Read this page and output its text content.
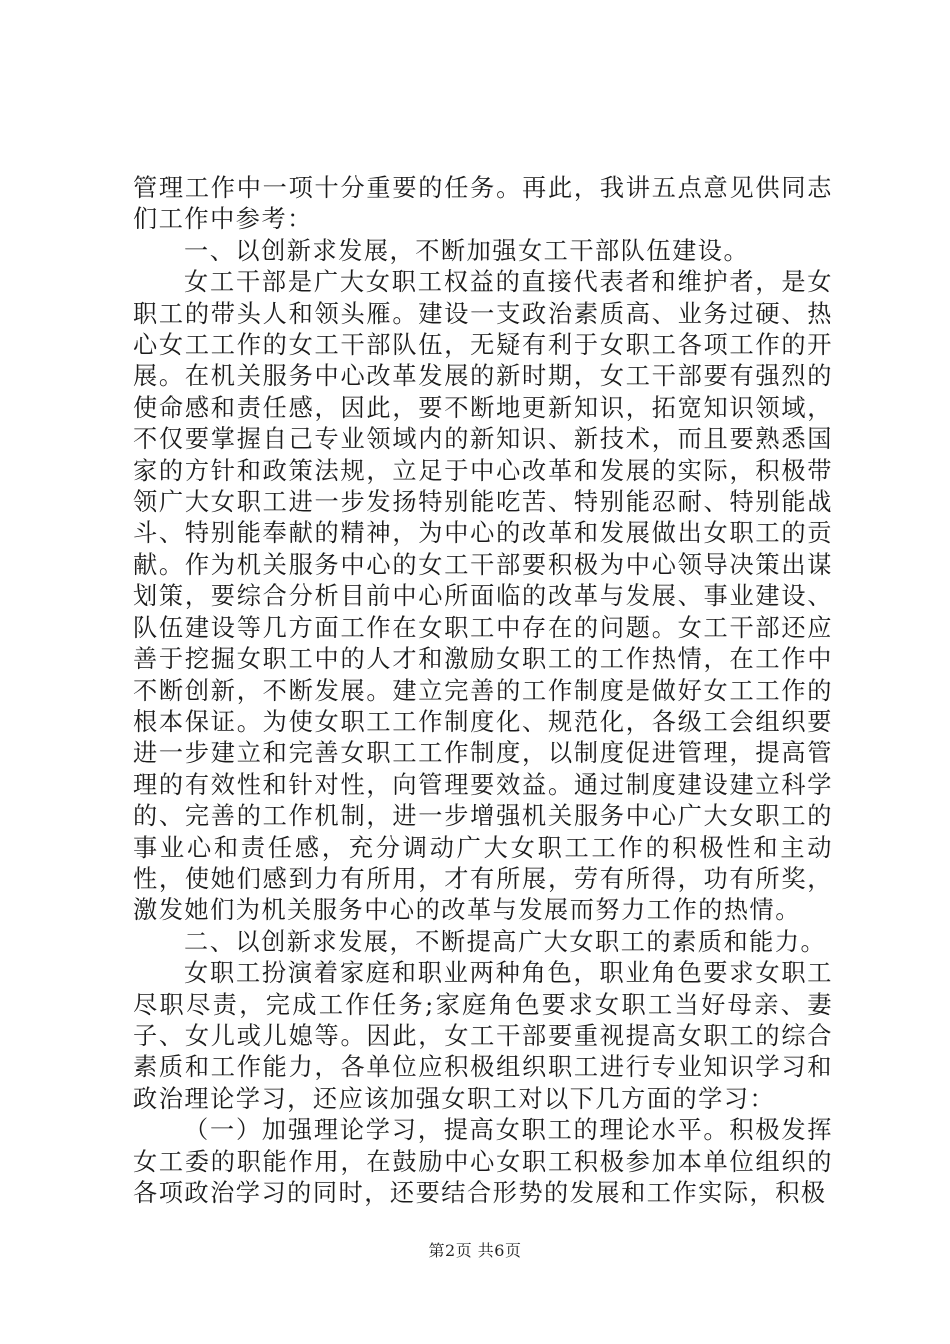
管理工作中一项十分重要的任务。再此，我讲五点意见供同志们工作中参考：

一、以创新求发展，不断加强女工干部队伍建设。

女工干部是广大女职工权益的直接代表者和维护者，是女职工的带头人和领头雁。建设一支政治素质高、业务过硬、热心女工工作的女工干部队伍，无疑有利于女职工各项工作的开展。在机关服务中心改革发展的新时期，女工干部要有强烈的使命感和责任感，因此，要不断地更新知识，拓宽知识领域，不仅要掌握自己专业领域内的新知识、新技术，而且要熟悉国家的方针和政策法规，立足于中心改革和发展的实际，积极带领广大女职工进一步发扬特别能吃苦、特别能忍耐、特别能战斗、特别能奉献的精神，为中心的改革和发展做出女职工的贡献。作为机关服务中心的女工干部要积极为中心领导决策出谋划策，要综合分析目前中心所面临的改革与发展、事业建设、队伍建设等几方面工作在女职工中存在的问题。女工干部还应善于挖掘女职工中的人才和激励女职工的工作热情，在工作中不断创新，不断发展。建立完善的工作制度是做好女工工作的根本保证。为使女职工工作制度化、规范化，各级工会组织要进一步建立和完善女职工工作制度，以制度促进管理，提高管理的有效性和针对性，向管理要效益。通过制度建设建立科学的、完善的工作机制，进一步增强机关服务中心广大女职工的事业心和责任感，充分调动广大女职工工作的积极性和主动性，使她们感到力有所用，才有所展，劳有所得，功有所奖，激发她们为机关服务中心的改革与发展而努力工作的热情。

二、以创新求发展，不断提高广大女职工的素质和能力。

女职工扮演着家庭和职业两种角色，职业角色要求女职工尽职尽责，完成工作任务;家庭角色要求女职工当好母亲、妻子、女儿或儿媳等。因此，女工干部要重视提高女职工的综合素质和工作能力，各单位应积极组织职工进行专业知识学习和政治理论学习，还应该加强女职工对以下几方面的学习：

（一）加强理论学习，提高女职工的理论水平。积极发挥女工委的职能作用，在鼓励中心女职工积极参加本单位组织的各项政治学习的同时，还要结合形势的发展和工作实际，积极

第2页 共6页
